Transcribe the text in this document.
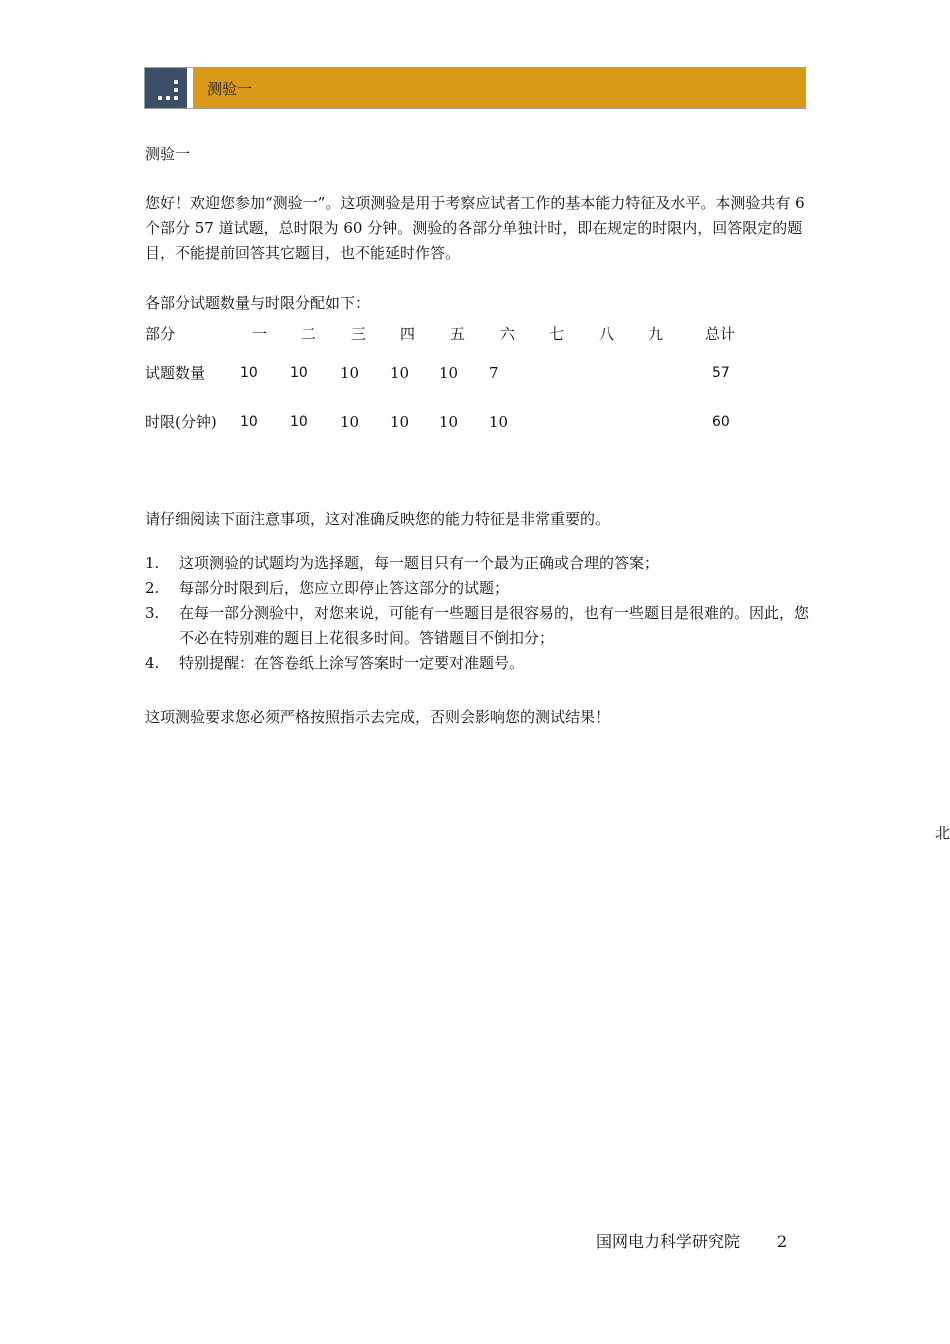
测验一
测验一
您好！欢迎您参加“测验一”。这项测验是用于考察应试者工作的基本能力特征及水平。本测验共有 6 个部分 57 道试题，总时限为 60 分钟。测验的各部分单独计时，即在规定的时限内，回答限定的题目，不能提前回答其它题目，也不能延时作答。
各部分试题数量与时限分配如下：
部分	一 二 三 四 五 六 七 八 九	总计
试题数量 10 10 10 10 10 7	57
时限(分钟) 10 10 10 10 10 10	60
请仔细阅读下面注意事项，这对准确反映您的能力特征是非常重要的。
1. 这项测验的试题均为选择题，每一题目只有一个最为正确或合理的答案；
2. 每部分时限到后，您应立即停止答这部分的试题；
3. 在每一部分测验中，对您来说，可能有一些题目是很容易的，也有一些题目是很难的。因此，您不必在特别难的题目上花很多时间。答错题目不倒扣分；
4. 特别提醒：在答卷纸上涂写答案时一定要对准题号。
这项测验要求您必须严格按照指示去完成，否则会影响您的测试结果！
北
国网电力科学研究院 2
